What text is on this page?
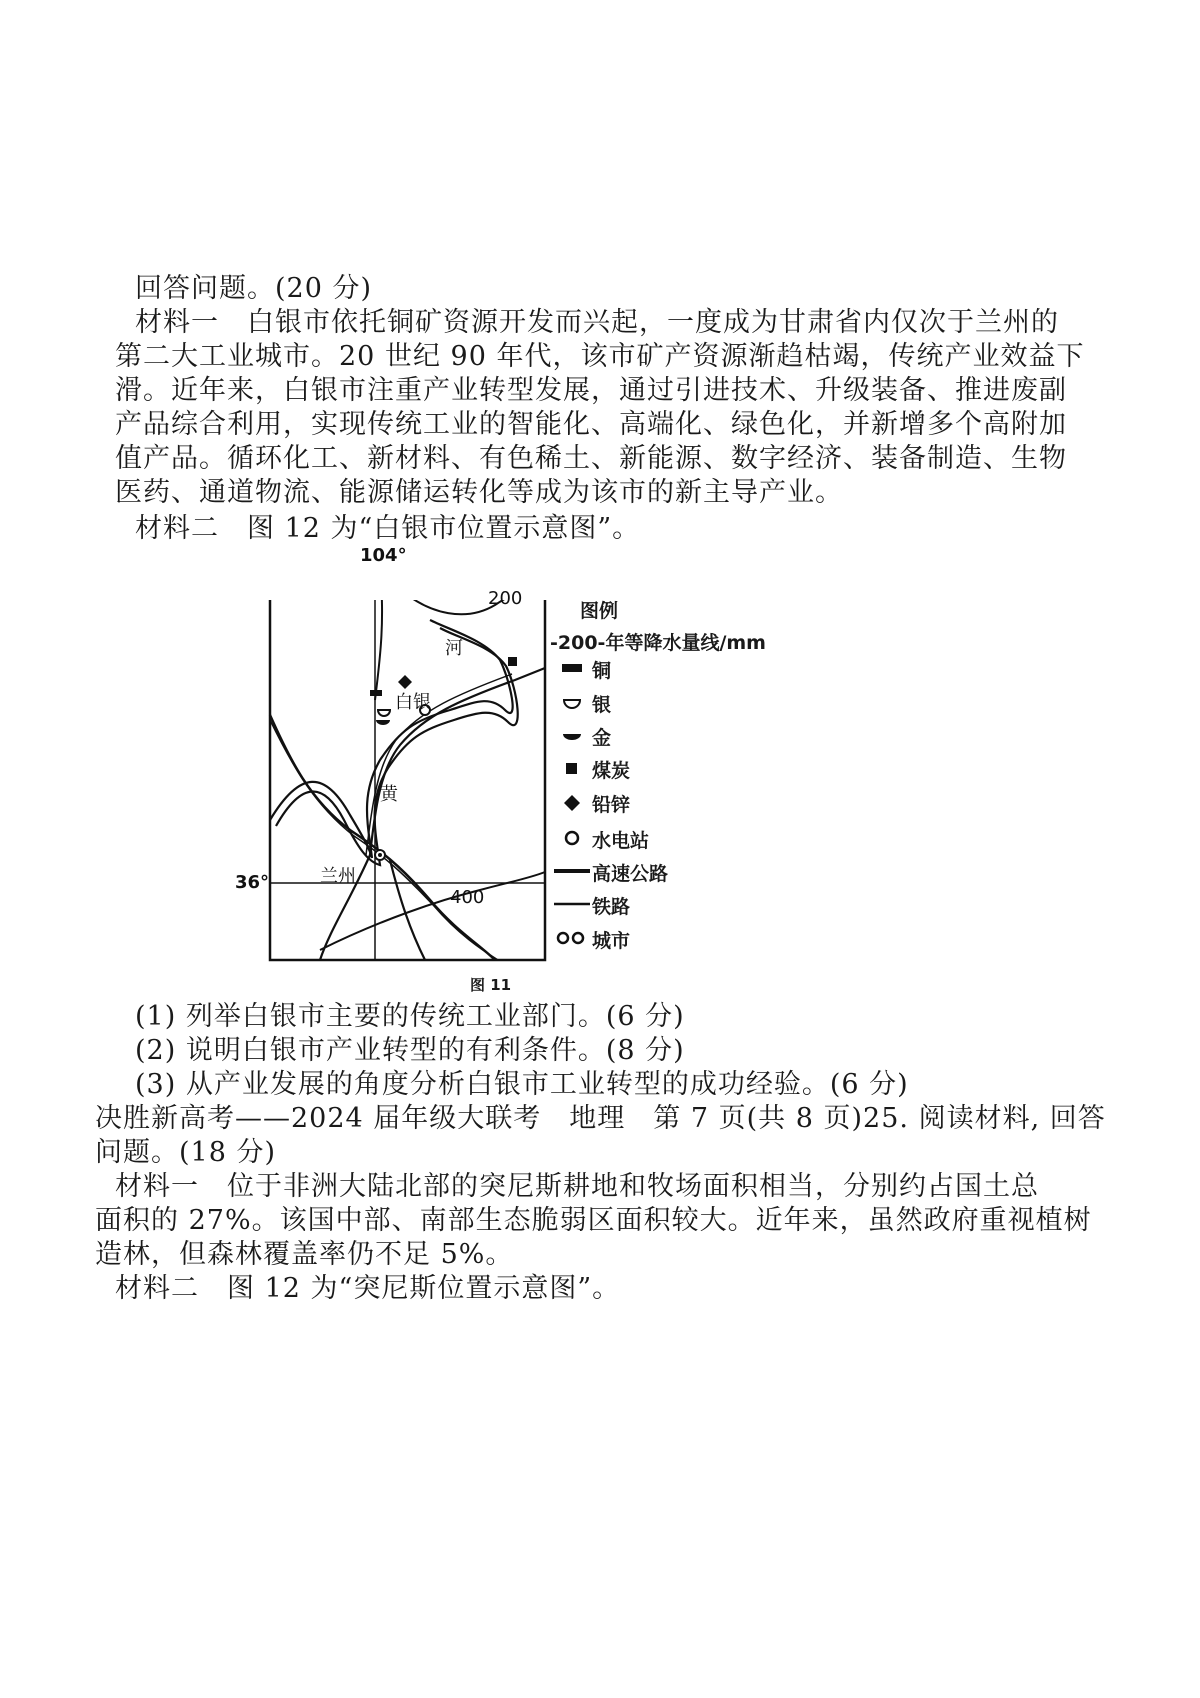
回答问题。(20 分)
材料一　白银市依托铜矿资源开发而兴起，一度成为甘肃省内仅次于兰州的
第二大工业城市。20 世纪 90 年代，该市矿产资源渐趋枯竭，传统产业效益下
滑。近年来，白银市注重产业转型发展，通过引进技术、升级装备、推进废副
产品综合利用，实现传统工业的智能化、高端化、绿色化，并新增多个高附加
值产品。循环化工、新材料、有色稀土、新能源、数字经济、装备制造、生物
医药、通道物流、能源储运转化等成为该市的新主导产业。
材料二　图 12 为“白银市位置示意图”。
104°
36°
200
400
河
黄
白银
兰州
图例
-200-年等降水量线/mm
铜
银
金
煤炭
铅锌
水电站
高速公路
铁路
城市
图 11
(1) 列举白银市主要的传统工业部门。(6 分)
(2) 说明白银市产业转型的有利条件。(8 分)
(3) 从产业发展的角度分析白银市工业转型的成功经验。(6 分)
决胜新高考——2024 届年级大联考　地理　第 7 页(共 8 页)25. 阅读材料, 回答
问题。(18 分)
材料一　位于非洲大陆北部的突尼斯耕地和牧场面积相当，分别约占国土总
面积的 27%。该国中部、南部生态脆弱区面积较大。近年来，虽然政府重视植树
造林，但森林覆盖率仍不足 5%。
材料二　图 12 为“突尼斯位置示意图”。
